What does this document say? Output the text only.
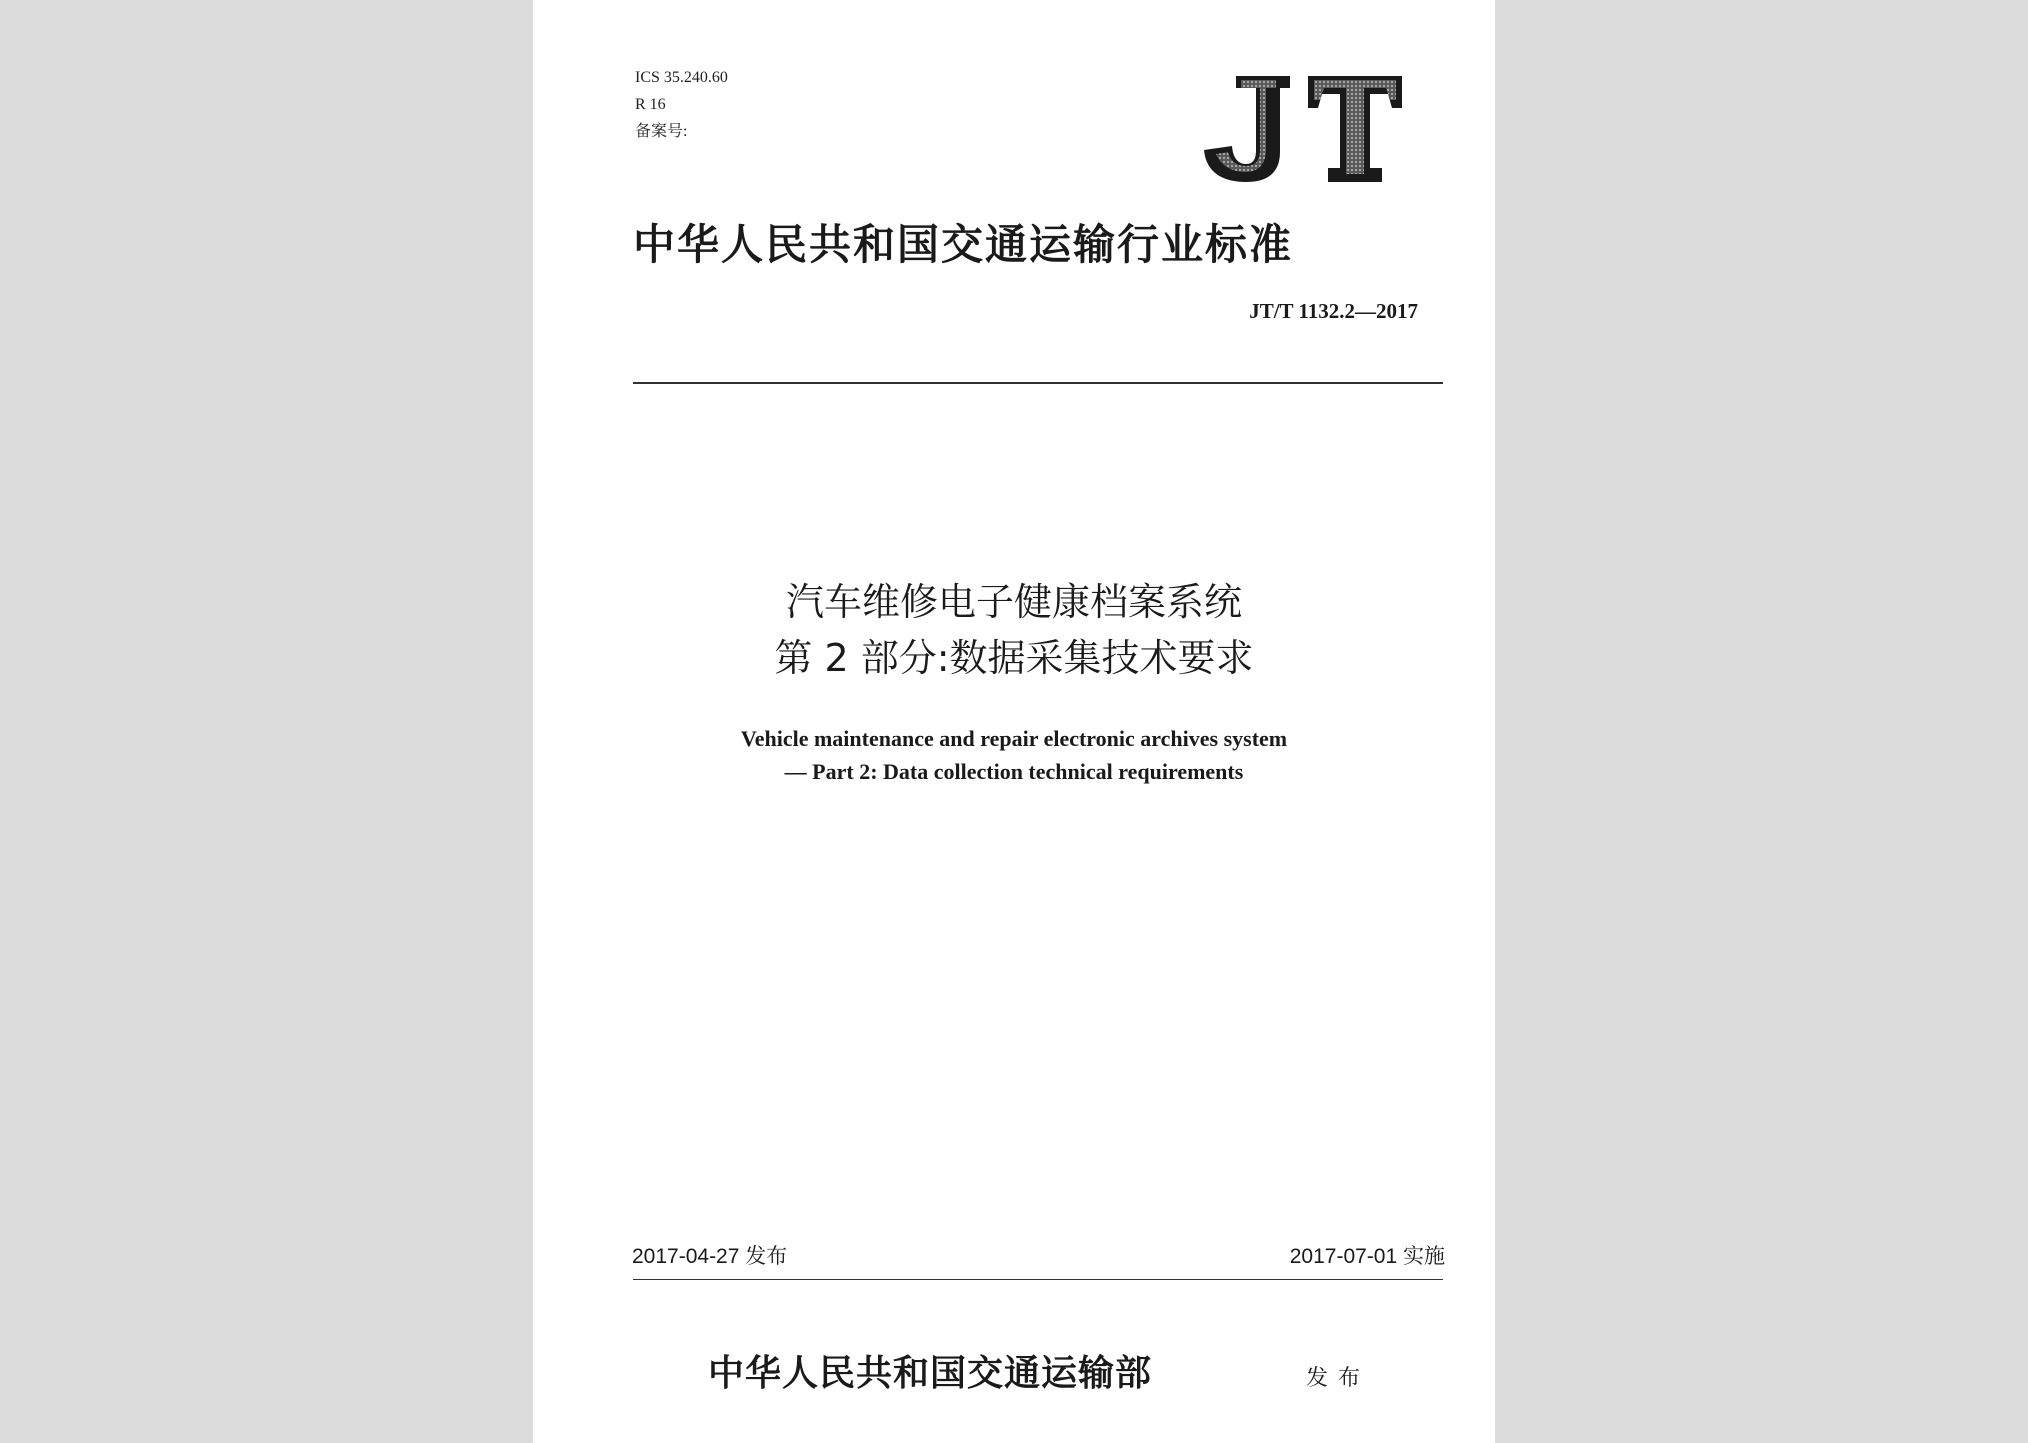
ICS 35.240.60
R 16
备案号:
中华人民共和国交通运输行业标准
JT/T 1132.2—2017
汽车维修电子健康档案系统
第 2 部分:数据采集技术要求
Vehicle maintenance and repair electronic archives system
— Part 2: Data collection technical requirements
2017-04-27 发布	2017-07-01 实施
中华人民共和国交通运输部	发布
